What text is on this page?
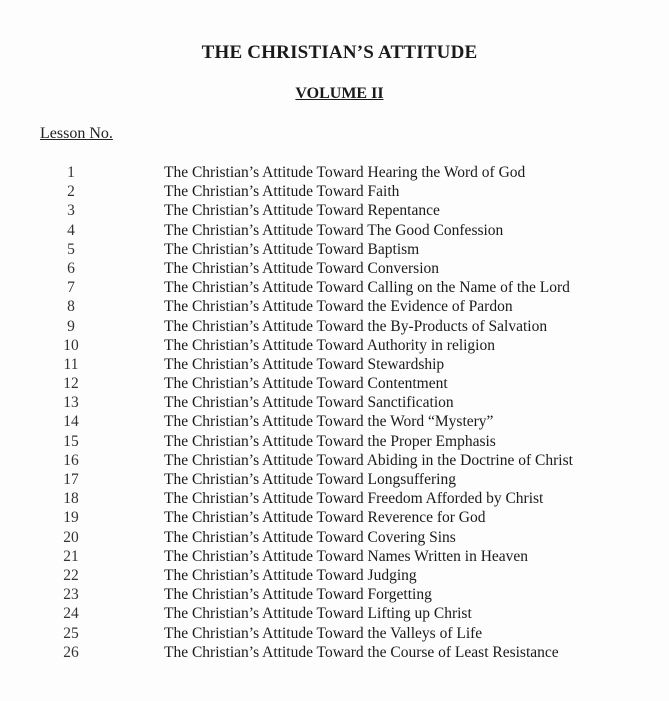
THE CHRISTIAN’S ATTITUDE
VOLUME II
Lesson No.
1	The Christian’s Attitude Toward Hearing the Word of God
2	The Christian’s Attitude Toward Faith
3	The Christian’s Attitude Toward Repentance
4	The Christian’s Attitude Toward The Good Confession
5	The Christian’s Attitude Toward Baptism
6	The Christian’s Attitude Toward Conversion
7	The Christian’s Attitude Toward Calling on the Name of the Lord
8	The Christian’s Attitude Toward the Evidence of Pardon
9	The Christian’s Attitude Toward the By-Products of Salvation
10	The Christian’s Attitude Toward Authority in religion
11	The Christian’s Attitude Toward Stewardship
12	The Christian’s Attitude Toward Contentment
13	The Christian’s Attitude Toward Sanctification
14	The Christian’s Attitude Toward the Word “Mystery”
15	The Christian’s Attitude Toward the Proper Emphasis
16	The Christian’s Attitude Toward Abiding in the Doctrine of Christ
17	The Christian’s Attitude Toward Longsuffering
18	The Christian’s Attitude Toward Freedom Afforded by Christ
19	The Christian’s Attitude Toward Reverence for God
20	The Christian’s Attitude Toward Covering Sins
21	The Christian’s Attitude Toward Names Written in Heaven
22	The Christian’s Attitude Toward Judging
23	The Christian’s Attitude Toward Forgetting
24	The Christian’s Attitude Toward Lifting up Christ
25	The Christian’s Attitude Toward the Valleys of Life
26	The Christian’s Attitude Toward the Course of Least Resistance
